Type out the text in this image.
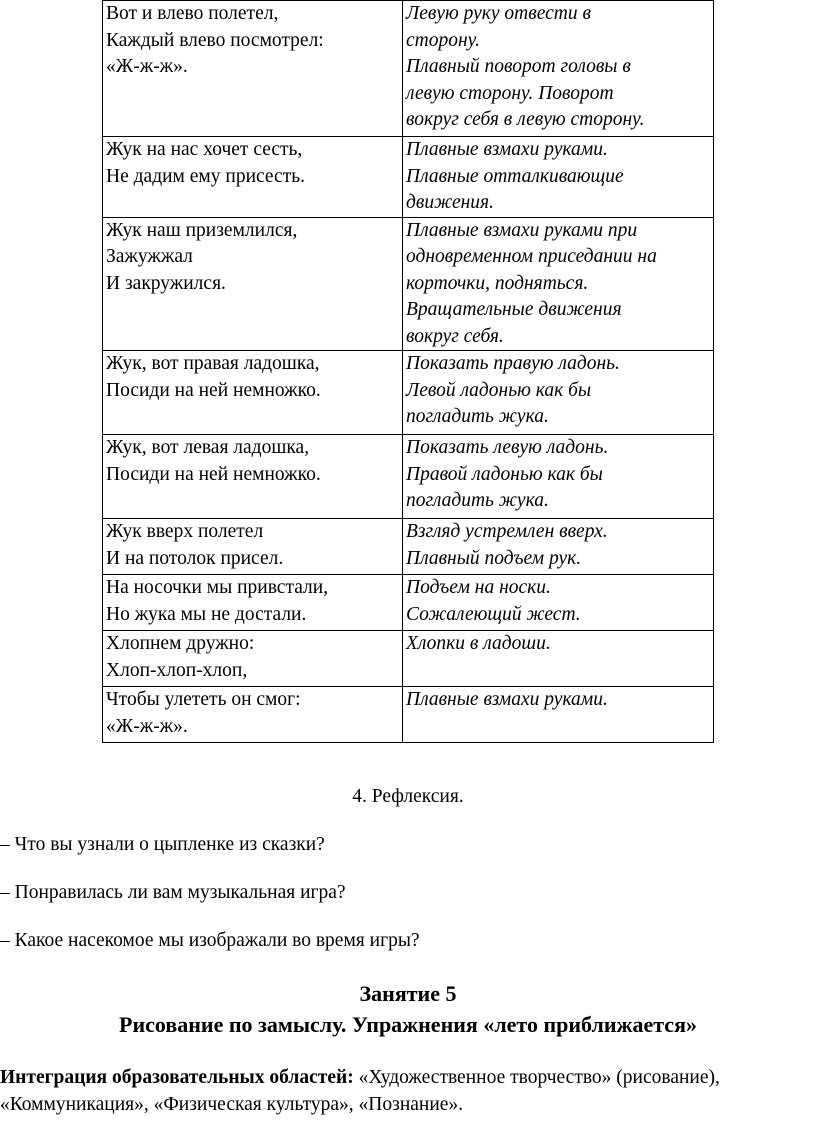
Вот и влево полетел,
Каждый влево посмотрел:
«Ж-ж-ж».	Левую руку отвести в
сторону.
Плавный поворот головы в
левую сторону. Поворот
вокруг себя в левую сторону.

Жук на нас хочет сесть,
Не дадим ему присесть.	Плавные взмахи руками.
Плавные отталкивающие
движения.

Жук наш приземлился,
Зажужжал
И закружился.	Плавные взмахи руками при
одновременном приседании на
корточки, подняться.
Вращательные движения
вокруг себя.

Жук, вот правая ладошка,
Посиди на ней немножко.	Показать правую ладонь.
Левой ладонью как бы
погладить жука.

Жук, вот левая ладошка,
Посиди на ней немножко.	Показать левую ладонь.
Правой ладонью как бы
погладить жука.

Жук вверх полетел
И на потолок присел.	Взгляд устремлен вверх.
Плавный подъем рук.

На носочки мы привстали,
Но жука мы не достали.	Подъем на носки.
Сожалеющий жест.

Хлопнем дружно:
Хлоп-хлоп-хлоп,	Хлопки в ладоши.

Чтобы улететь он смог:
«Ж-ж-ж».	Плавные взмахи руками.
4. Рефлексия.
– Что вы узнали о цыпленке из сказки?
– Понравилась ли вам музыкальная игра?
– Какое насекомое мы изображали во время игры?
Занятие 5
Рисование по замыслу. Упражнения «лето приближается»
Интеграция образовательных областей: «Художественное творчество» (рисование), «Коммуникация», «Физическая культура», «Познание».
